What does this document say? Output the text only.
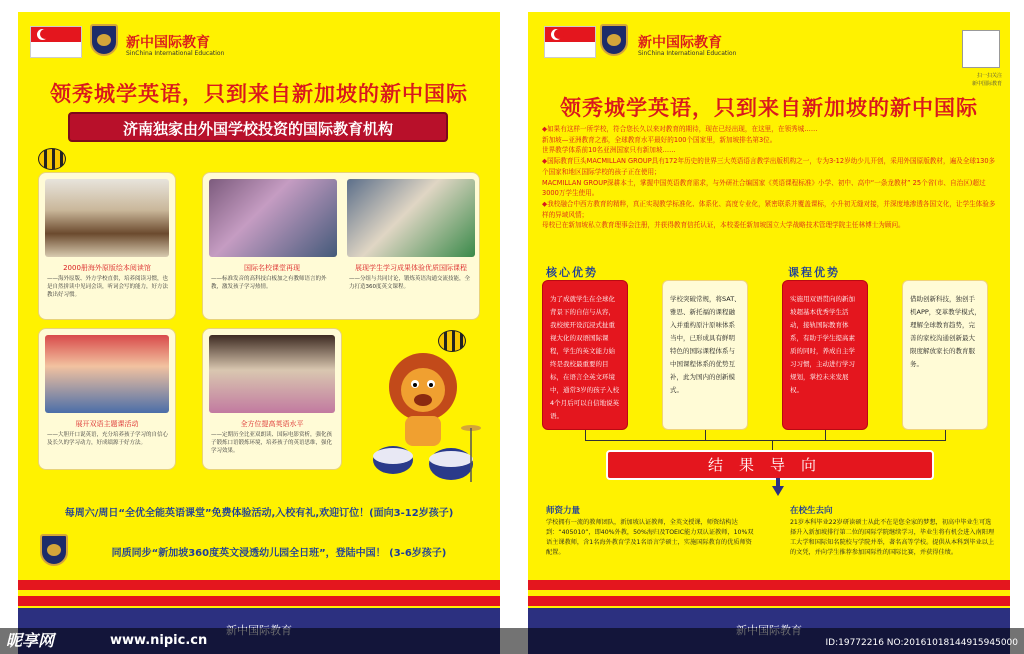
新中国际教育
SinChina International Education
领秀城学英语，只到来自新加坡的新中国际
济南独家由外国学校投资的国际教育机构
2000册海外原版绘本阅读馆
——海外原版、外方学校直供，培养阅读习惯，也是自然拼读中见词会读，听词会写的能力，好方法教出好习惯。
国际名校课堂再现
——标准发音的高科技白板加之有教师语言的外教，激发孩子学习热情。
展现学生学习成果体验优质国际课程
——分组与共同讨论，锻炼英语沟通交流技能，全力打造360度英文课程。
展开双语主题课活动
——大胆开口说英语，充分培养孩子学习的自信心及长久的学习动力，好成绩源于好方法。
全方位提高英语水平
——定期历全比亚双朗读、国际电影赏析，强化孩子锻炼口语锻炼环境，培养孩子的英语思维，强化学习效果。
每周六/周日“全优全能英语课堂”免费体验活动,入校有礼,欢迎订位！(面向3-12岁孩子)
同质同步“新加坡360度英文浸透幼儿园全日班”，登陆中国！ (3-6岁孩子)
新中国际教育
SinChina International Education
扫一扫关注
新中国际教育
领秀城学英语，只到来自新加坡的新中国际

◆如果有这样一所学校，符合您长久以来对教育的期待，现在已经出现，在这里，在领秀城……

新加坡—亚洲教育之都，全球教育水平最好的100个国家里，新加坡排名第3位。

世界教学体系前10名亚洲国家只有新加坡……

◆国际教育巨头MACMILLAN GROUP具有172年历史的世界三大英语语言教学出版机构之一，专为3-12岁幼少儿开创，采用外国原版教材，遍及全球130多个国家和地区国际学校的孩子正在使用；

MACMILLAN GROUP深耕本土，掌握中国英语教育需求，与外研社合编国家《英语课程标准》小学、初中、高中“一条龙教材” 25个省(市、自治区)超过3000万学生使用。

◆我校融合中西方教育的精粹，真正实现教学标准化、体系化、高度专业化，紧密联系并覆盖课标，小升初无缝对接，并深度地渗透各国文化，让学生体验多样的异域风情；

母校已在新加坡私立教育理事会注册，并获得教育信托认证，本校委任新加坡国立大学战略技术管理学院主任林博士为顾问。

核心优势	课程优势
为了成就学生在全球化背景下的自信与从容，我校统开设沉浸式扯重视大化的双语国际课程，学生的英文能力始终是我校最重要的目标，在语言全英文环境中，通常3岁的孩子入校4个月后可以自信地说英语。
学校突破常规，将SAT、雅思、新托福的课程融入并重构原汁原味体系当中，已形成具有鲜明特色的国际课程体系与中国课程体系的优势互补，此为国内的创新模式。
实施用双语贯向的新加坡超基本优秀学生活动，接轨国际教育体系，有助于学生提高素质的同时，养成自主学习习惯，主动进行学习规划，掌控未来发展权。
借助创新科技，独创手机APP，变革教学模式，理解全球教育趋势，完善的家校沟通创新最大限度解放家长的教育服务。
结果导向
师资力量
学校拥有一流的教师团队，新加坡认证教师，全英文授课，师资结构达到：“405010”，即40%外教，50%海归及TOEIC能力双认证教师，10%双语主课教师，含1名海外教育学及1名语言学硕士，实施国际教育的优质师资配置。
在校生去向
21岁本科毕业22岁研读硕士从此不在是您全家的梦想，初高中毕业生可选择升入新加坡排行第二位的国际学院继续学习，毕业生将有机会进入南阳理工大学和国际知名院校与学院并举，著名高等学校。提供从本科到毕业以上的文凭，并向学生推荐参加国际性的国际比赛，并获得佳绩。
昵享网	www.nipic.cn	ID:19772216 NO:20161018144915945000
